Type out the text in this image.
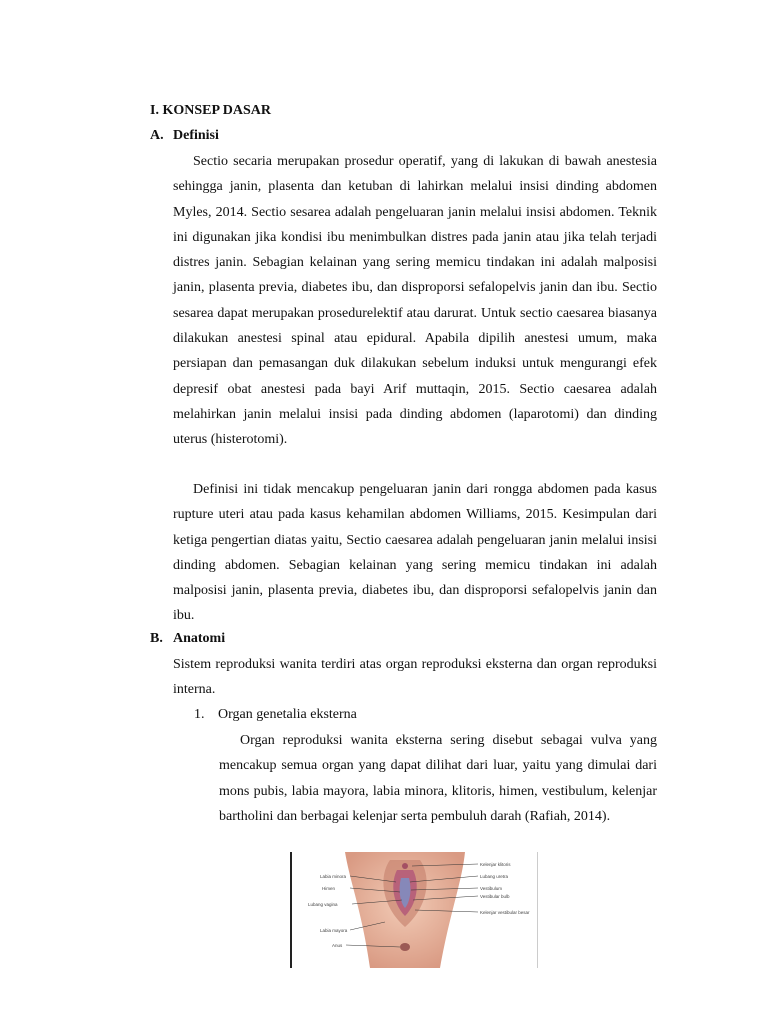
I. KONSEP DASAR
A. Definisi

Sectio secaria merupakan prosedur operatif, yang di lakukan di bawah anestesia sehingga janin, plasenta dan ketuban di lahirkan melalui insisi dinding abdomen Myles, 2014. Sectio sesarea adalah pengeluaran janin melalui insisi abdomen. Teknik ini digunakan jika kondisi ibu menimbulkan distres pada janin atau jika telah terjadi distres janin. Sebagian kelainan yang sering memicu tindakan ini adalah malposisi janin, plasenta previa, diabetes ibu, dan disproporsi sefalopelvis janin dan ibu. Sectio sesarea dapat merupakan prosedurelektif atau darurat. Untuk sectio caesarea biasanya dilakukan anestesi spinal atau epidural. Apabila dipilih anestesi umum, maka persiapan dan pemasangan duk dilakukan sebelum induksi untuk mengurangi efek depresif obat anestesi pada bayi Arif muttaqin, 2015. Sectio caesarea adalah melahirkan janin melalui insisi pada dinding abdomen (laparotomi) dan dinding uterus (histerotomi).

Definisi ini tidak mencakup pengeluaran janin dari rongga abdomen pada kasus rupture uteri atau pada kasus kehamilan abdomen Williams, 2015. Kesimpulan dari ketiga pengertian diatas yaitu, Sectio caesarea adalah pengeluaran janin melalui insisi dinding abdomen. Sebagian kelainan yang sering memicu tindakan ini adalah malposisi janin, plasenta previa, diabetes ibu, dan disproporsi sefalopelvis janin dan ibu.

B. Anatomi

Sistem reproduksi wanita terdiri atas organ reproduksi eksterna dan organ reproduksi interna.

1. Organ genetalia eksterna

Organ reproduksi wanita eksterna sering disebut sebagai vulva yang mencakup semua organ yang dapat dilihat dari luar, yaitu yang dimulai dari mons pubis, labia mayora, labia minora, klitoris, himen, vestibulum, kelenjar bartholini dan berbagai kelenjar serta pembuluh darah (Rafiah, 2014).

Labia minora
Himen
Lubang vagina
Labia mayora
Anus
Kelenjar klitoris
Lubang uretra
Vestibulum
Vestibular bulb
Kelenjar vestibular besar
